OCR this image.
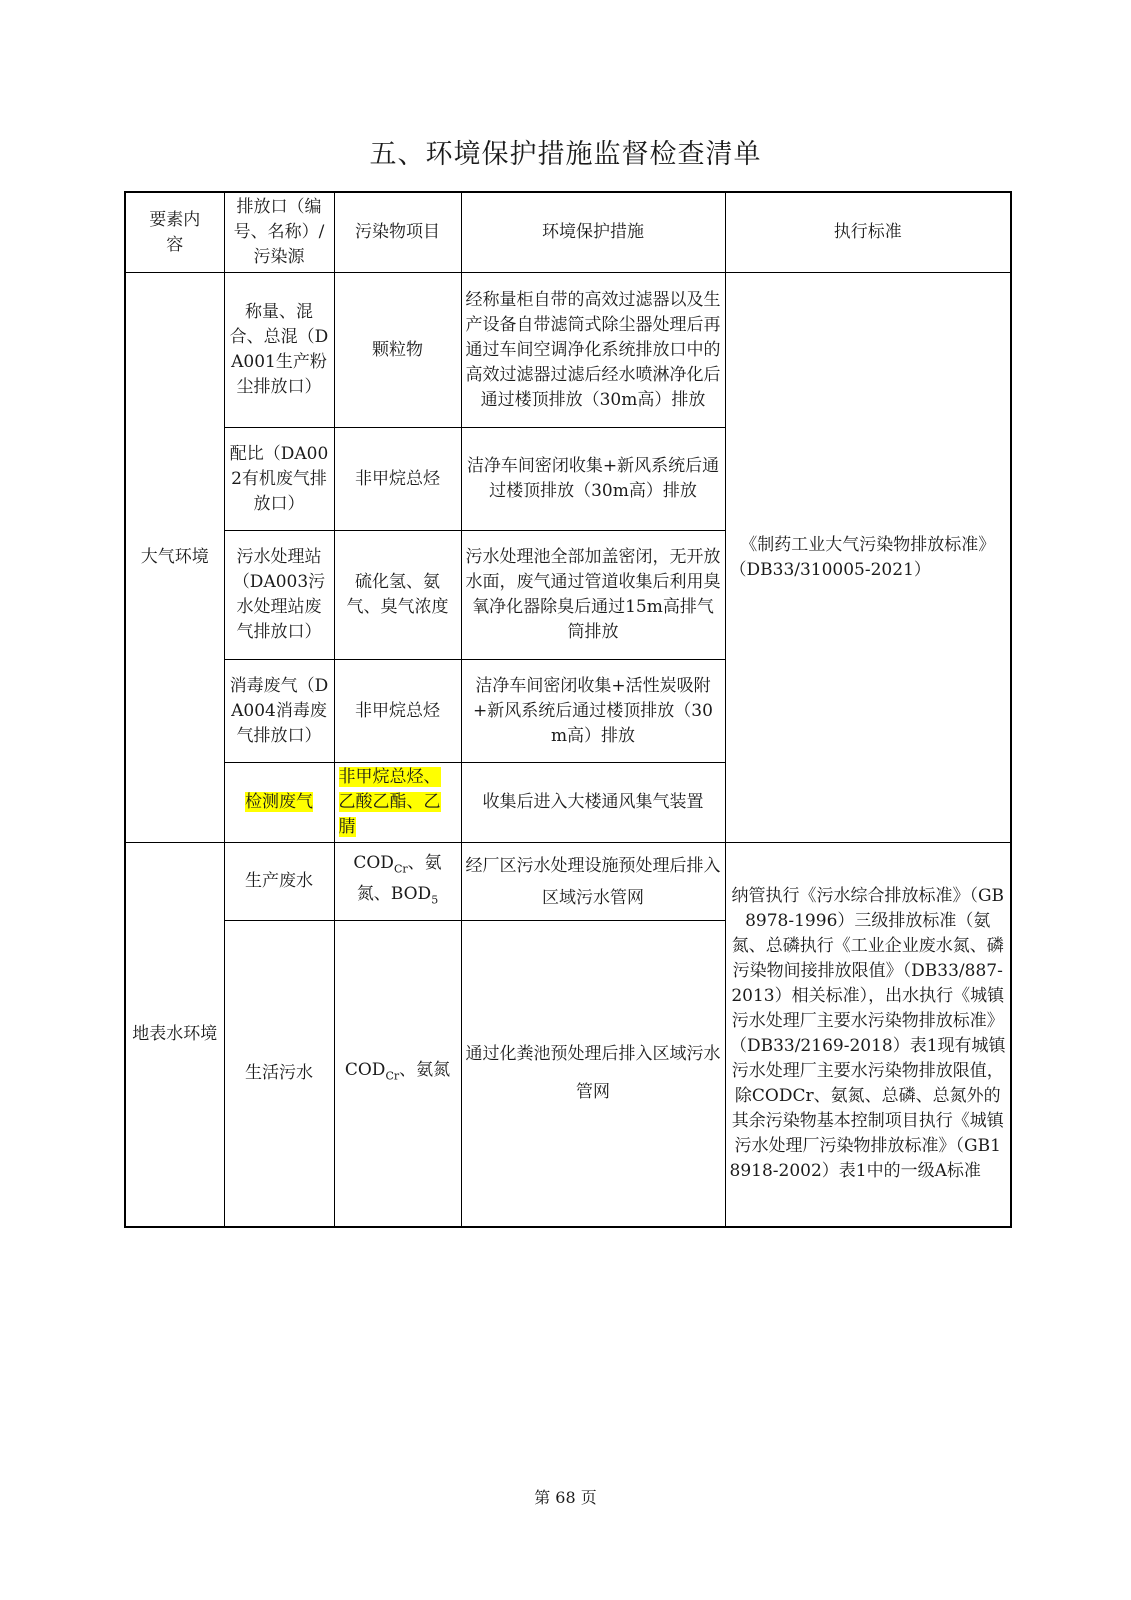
五、环境保护措施监督检查清单
要素内容	排放口（编号、名称）/污染源	污染物项目	环境保护措施	执行标准
大气环境	称量、混合、总混（DA001生产粉尘排放口）	颗粒物	经称量柜自带的高效过滤器以及生产设备自带滤筒式除尘器处理后再通过车间空调净化系统排放口中的高效过滤器过滤后经水喷淋净化后通过楼顶排放（30m高）排放	《制药工业大气污染物排放标准》（DB33/310005-2021）
	配比（DA002有机废气排放口）	非甲烷总烃	洁净车间密闭收集+新风系统后通过楼顶排放（30m高）排放	
	污水处理站（DA003污水处理站废气排放口）	硫化氢、氨气、臭气浓度	污水处理池全部加盖密闭，无开放水面，废气通过管道收集后利用臭氧净化器除臭后通过15m高排气筒排放	
	消毒废气（DA004消毒废气排放口）	非甲烷总烃	洁净车间密闭收集+活性炭吸附+新风系统后通过楼顶排放（30m高）排放	
	检测废气	非甲烷总烃、乙酸乙酯、乙腈	收集后进入大楼通风集气装置	
地表水环境	生产废水	$COD_{Cr}$、氨氮、$BOD_5$	经厂区污水处理设施预处理后排入区域污水管网	纳管执行《污水综合排放标准》（GB8978-1996）三级排放标准（氨氮、总磷执行《工业企业废水氮、磷污染物间接排放限值》（DB33/887-2013）相关标准），出水执行《城镇污水处理厂主要水污染物排放标准》（DB33/2169-2018）表1现有城镇污水处理厂主要水污染物排放限值，除CODCr、氨氮、总磷、总氮外的其余污染物基本控制项目执行《城镇污水处理厂污染物排放标准》（GB18918-2002）表1中的一级A标准
	生活污水	$COD_{Cr}$、氨氮	通过化粪池预处理后排入区域污水管网	
第 68 页
